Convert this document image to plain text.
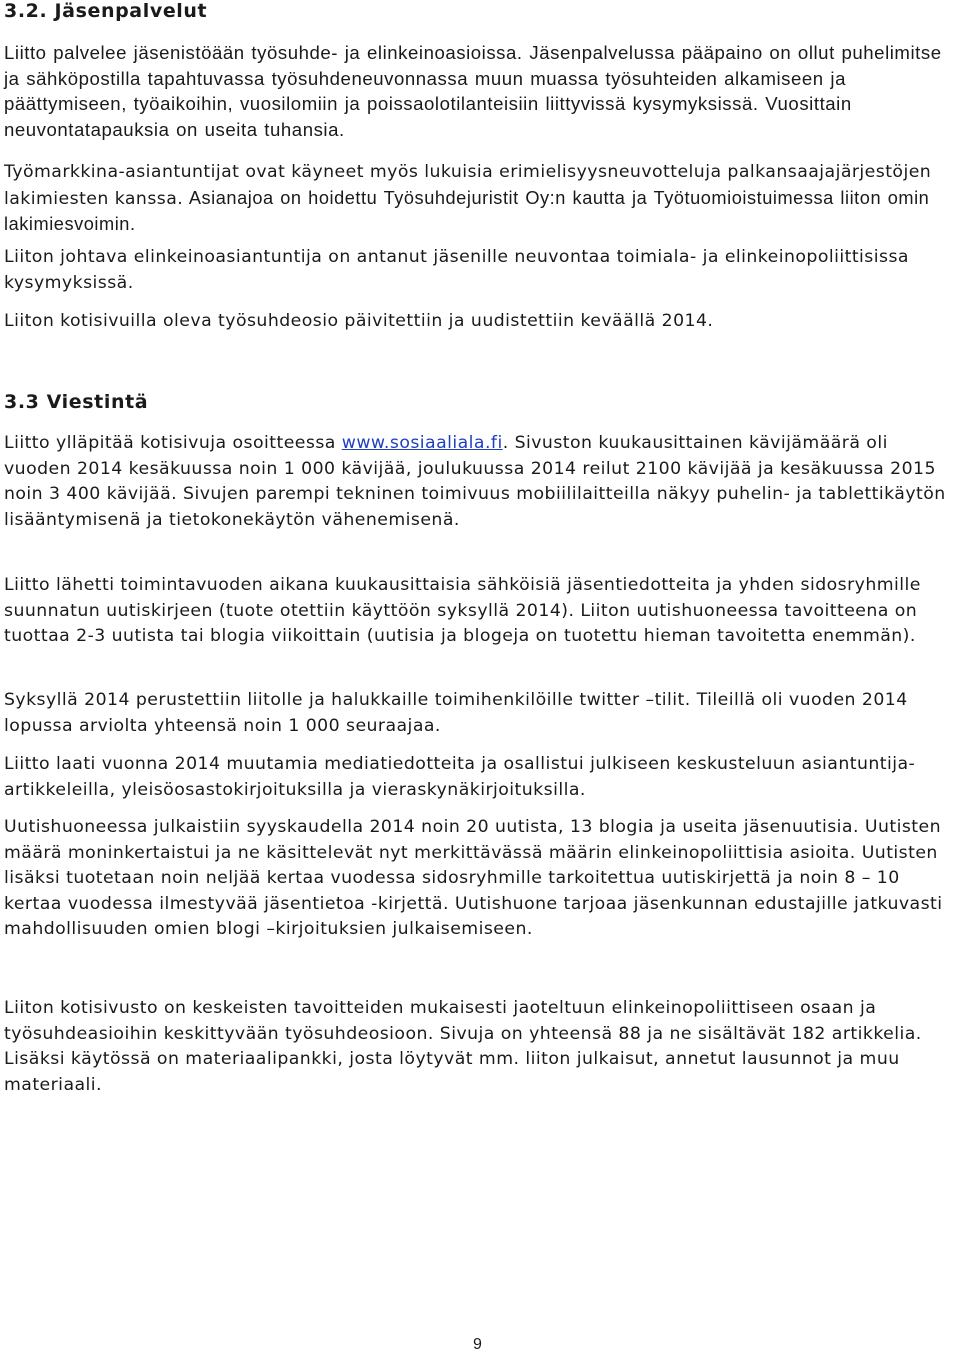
3.2. Jäsenpalvelut

Liitto palvelee jäsenistöään työsuhde- ja elinkeinoasioissa. Jäsenpalvelussa pääpaino on ollut puhelimitse ja sähköpostilla tapahtuvassa työsuhdeneuvonnassa muun muassa työsuhteiden alkamiseen ja päättymiseen, työaikoihin, vuosilomiin ja poissaolotilanteisiin liittyvissä kysymyksissä. Vuosittain neuvontatapauksia on useita tuhansia.

Työmarkkina-asiantuntijat ovat käyneet myös lukuisia erimielisyysneuvotteluja palkansaajajärjestöjen lakimiesten kanssa. Asianajoa on hoidettu Työsuhdejuristit Oy:n kautta ja Työtuomioistuimessa liiton omin lakimiesvoimin.

Liiton johtava elinkeinoasiantuntija on antanut jäsenille neuvontaa toimiala- ja elinkeinopoliittisissa kysymyksissä.

Liiton kotisivuilla oleva työsuhdeosio päivitettiin ja uudistettiin keväällä 2014.

3.3 Viestintä

Liitto ylläpitää kotisivuja osoitteessa www.sosiaaliala.fi. Sivuston kuukausittainen kävijämäärä oli vuoden 2014 kesäkuussa noin 1 000 kävijää, joulukuussa 2014 reilut 2100 kävijää ja kesäkuussa 2015 noin 3 400 kävijää. Sivujen parempi tekninen toimivuus mobiililaitteilla näkyy puhelin- ja tablettikäytön lisääntymisenä ja tietokonekäytön vähenemisenä.

Liitto lähetti toimintavuoden aikana kuukausittaisia sähköisiä jäsentiedotteita ja yhden sidosryhmille suunnatun uutiskirjeen (tuote otettiin käyttöön syksyllä 2014). Liiton uutishuoneessa tavoitteena on tuottaa 2-3 uutista tai blogia viikoittain (uutisia ja blogeja on tuotettu hieman tavoitetta enemmän).

Syksyllä 2014 perustettiin liitolle ja halukkaille toimihenkilöille twitter –tilit. Tileillä oli vuoden 2014 lopussa arviolta yhteensä noin 1 000 seuraajaa.

Liitto laati vuonna 2014 muutamia mediatiedotteita ja osallistui julkiseen keskusteluun asiantuntija-artikkeleilla, yleisöosastokirjoituksilla ja vieraskynäkirjoituksilla.

Uutishuoneessa julkaistiin syyskaudella 2014 noin 20 uutista, 13 blogia ja useita jäsenuutisia. Uutisten määrä moninkertaistui ja ne käsittelevät nyt merkittävässä määrin elinkeinopoliittisia asioita. Uutisten lisäksi tuotetaan noin neljää kertaa vuodessa sidosryhmille tarkoitettua uutiskirjettä ja noin 8 – 10 kertaa vuodessa ilmestyvää jäsentietoa -kirjettä. Uutishuone tarjoaa jäsenkunnan edustajille jatkuvasti mahdollisuuden omien blogi –kirjoituksien julkaisemiseen.

Liiton kotisivusto on keskeisten tavoitteiden mukaisesti jaoteltuun elinkeinopoliittiseen osaan ja työsuhdeasioihin keskittyvään työsuhdeosioon. Sivuja on yhteensä 88 ja ne sisältävät 182 artikkelia. Lisäksi käytössä on materiaalipankki, josta löytyvät mm. liiton julkaisut, annetut lausunnot ja muu materiaali.

9
